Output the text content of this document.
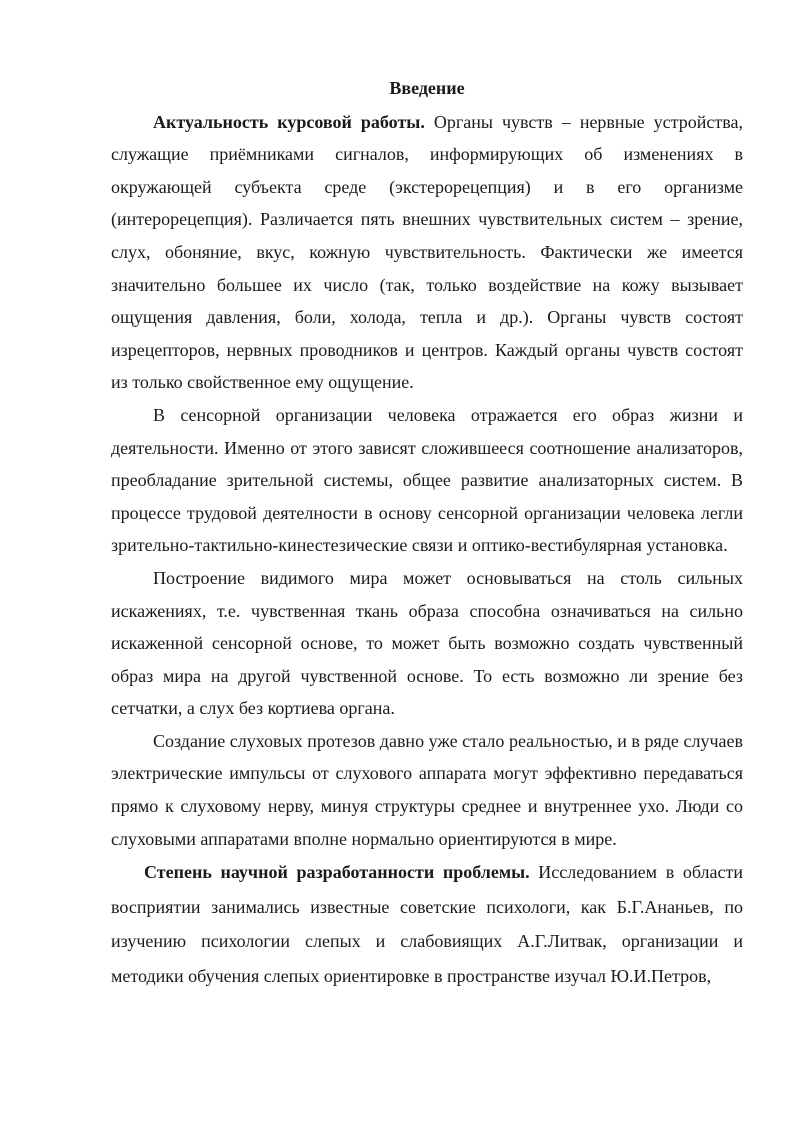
Введение

Актуальность курсовой работы. Органы чувств – нервные устройства, служащие приёмниками сигналов, информирующих об изменениях в окружающей субъекта среде (экстерорецепция) и в его организме (интерорецепция). Различается пять внешних чувствительных систем – зрение, слух, обоняние, вкус, кожную чувствительность. Фактически же имеется значительно большее их число (так, только воздействие на кожу вызывает ощущения давления, боли, холода, тепла и др.). Органы чувств состоят изрецепторов, нервных проводников и центров. Каждый органы чувств состоят из только свойственное ему ощущение.

В сенсорной организации человека отражается его образ жизни и деятельности. Именно от этого зависят сложившееся соотношение анализаторов, преобладание зрительной системы, общее развитие анализаторных систем. В процессе трудовой деятелности в основу сенсорной организации человека легли зрительно-тактильно-кинестезические связи и оптико-вестибулярная установка.

Построение видимого мира может основываться на столь сильных искажениях, т.е. чувственная ткань образа способна означиваться на сильно искаженной сенсорной основе, то может быть возможно создать чувственный образ мира на другой чувственной основе. То есть возможно ли зрение без сетчатки, а слух без кортиева органа.

Создание слуховых протезов давно уже стало реальностью, и в ряде случаев электрические импульсы от слухового аппарата могут эффективно передаваться прямо к слуховому нерву, минуя структуры среднее и внутреннее ухо. Люди со слуховыми аппаратами вполне нормально ориентируются в мире.

Степень научной разработанности проблемы. Исследованием в области восприятии занимались известные советские психологи, как Б.Г.Ананьев, по изучению психологии слепых и слабовиящих А.Г.Литвак, организации и методики обучения слепых ориентировке в пространстве изучал Ю.И.Петров,
